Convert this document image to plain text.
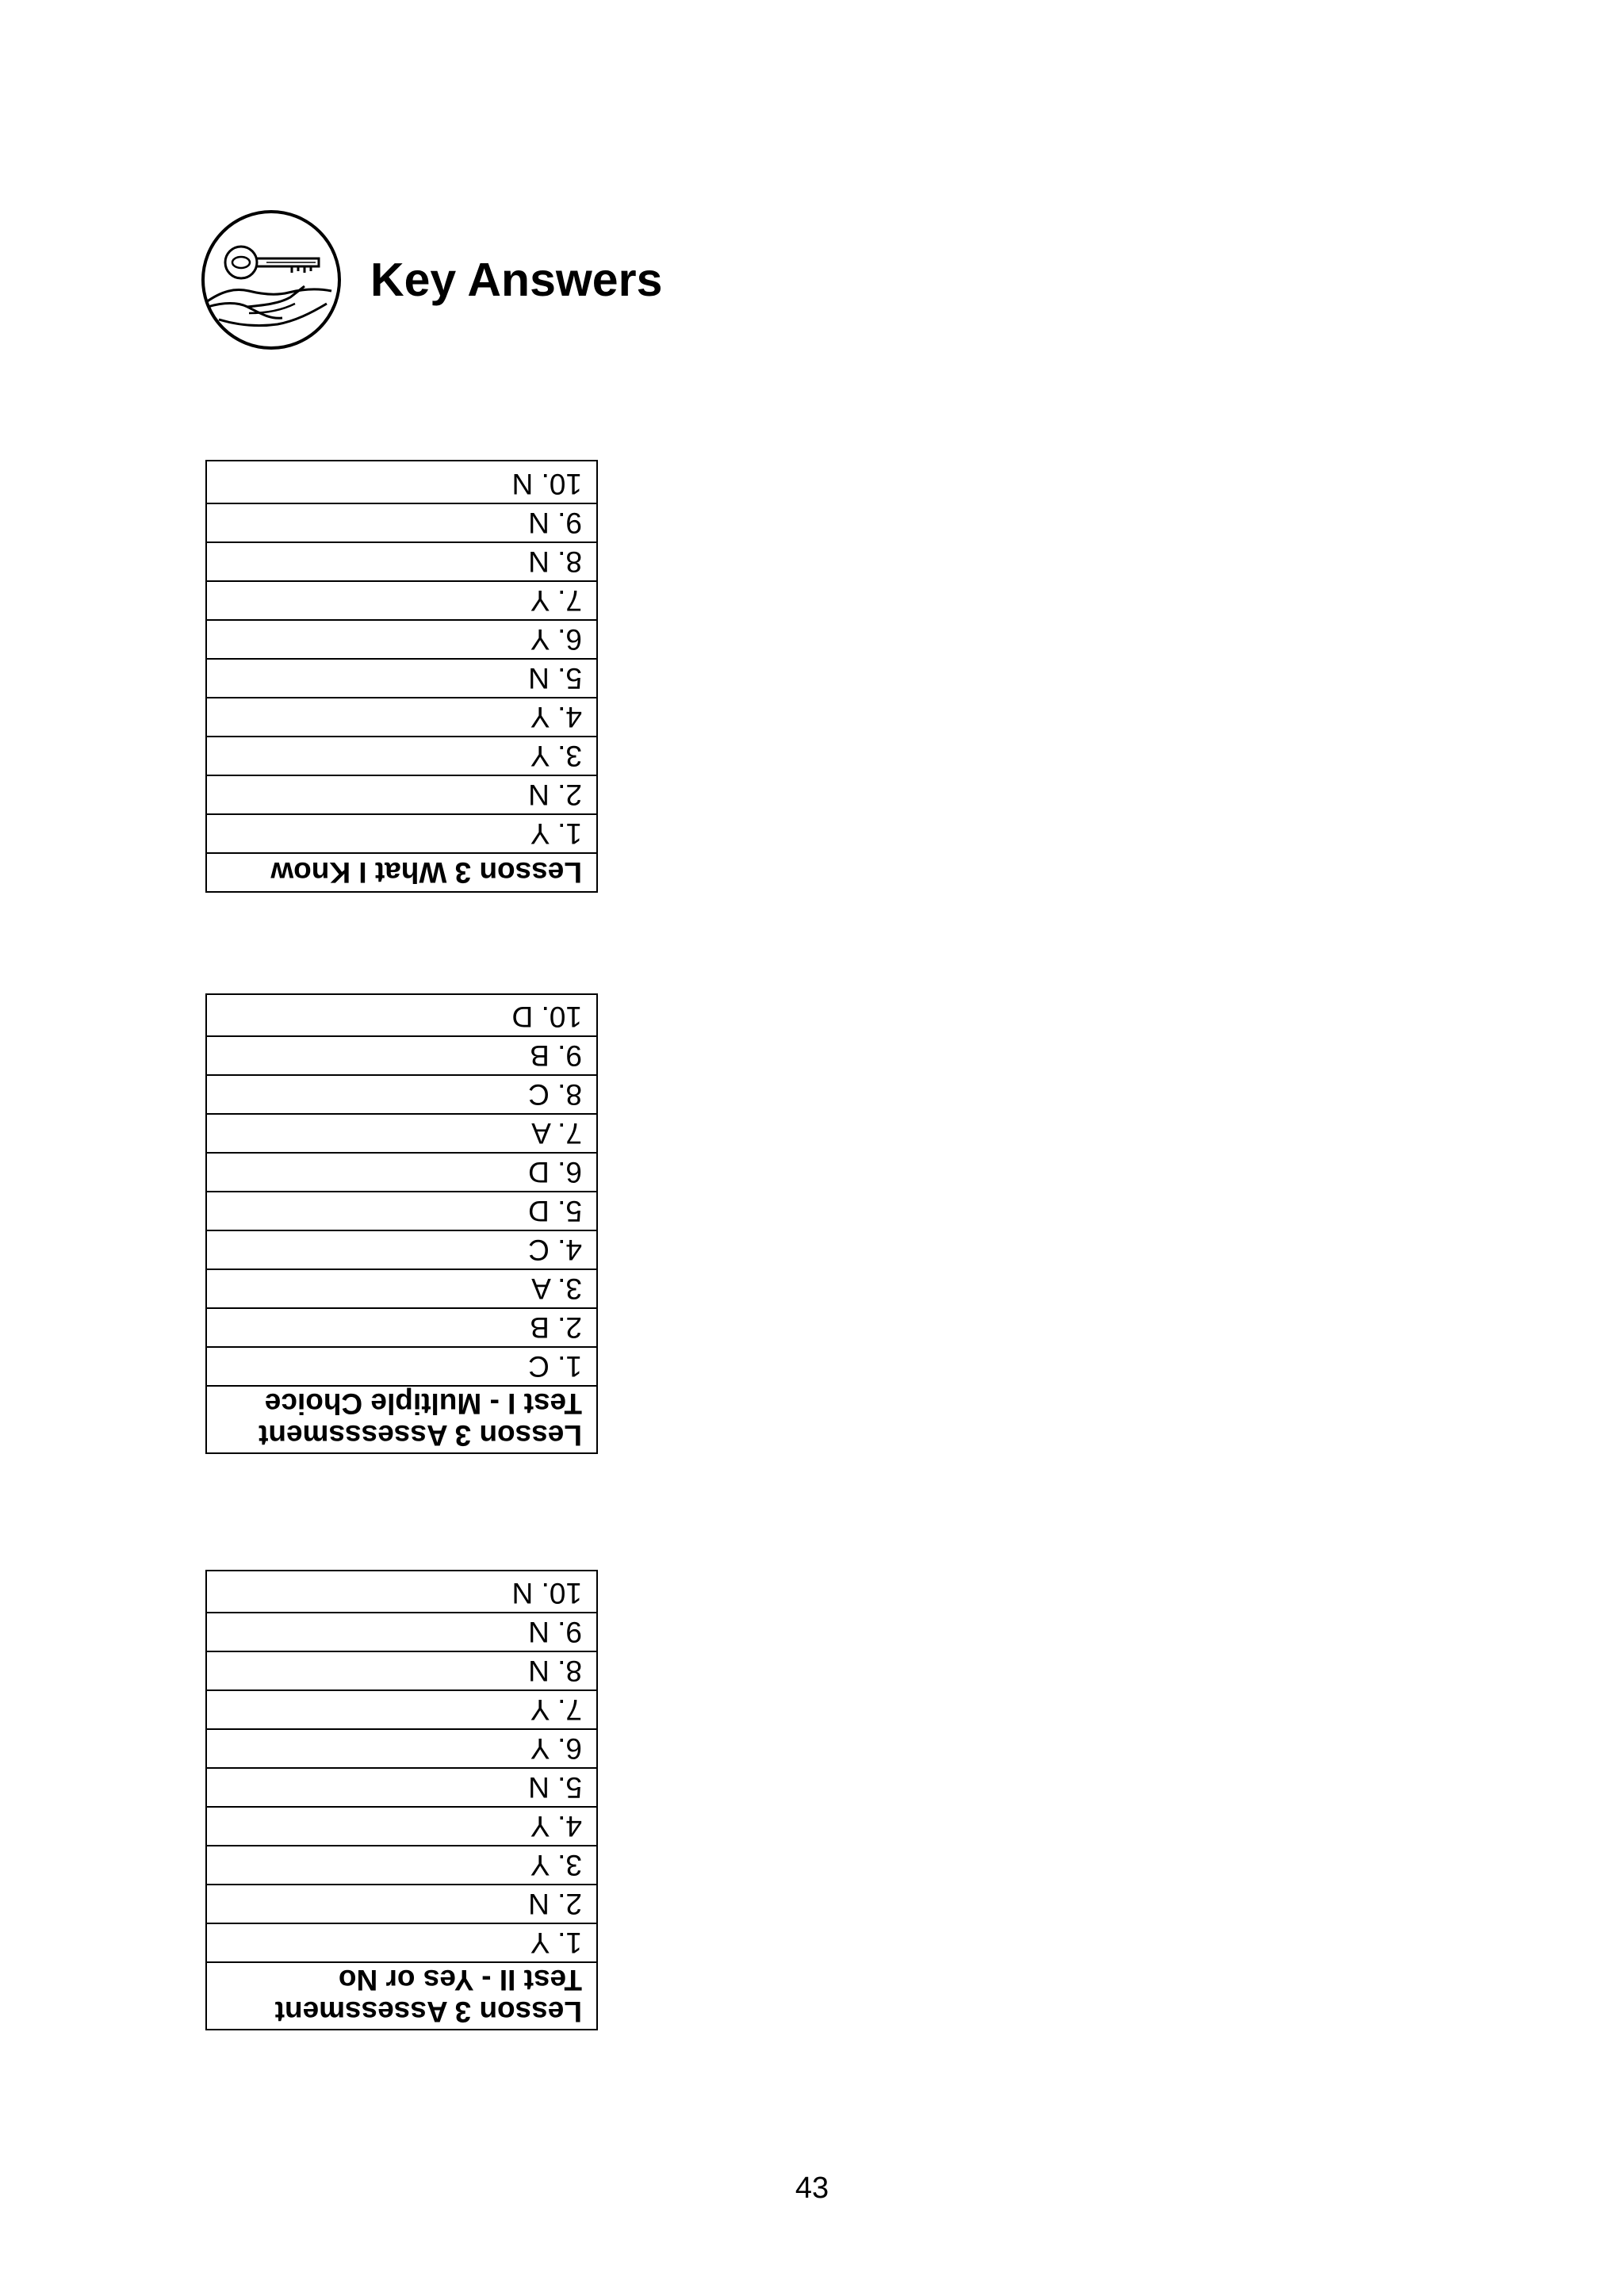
Key Answers
Lesson 3 What I Know
1. Y
2. N
3. Y
4. Y
5. N
6. Y
7. Y
8. N
9. N
10. N
Lesson 3 Assesssment
Test I - Multiple Choice
1. C
2. B
3. A
4. C
5. D
6. D
7. A
8. C
9. B
10. D
Lesson 3 Assessment
Test II - Yes or No
1. Y
2. N
3. Y
4. Y
5. N
6. Y
7. Y
8. N
9. N
10. N
43
